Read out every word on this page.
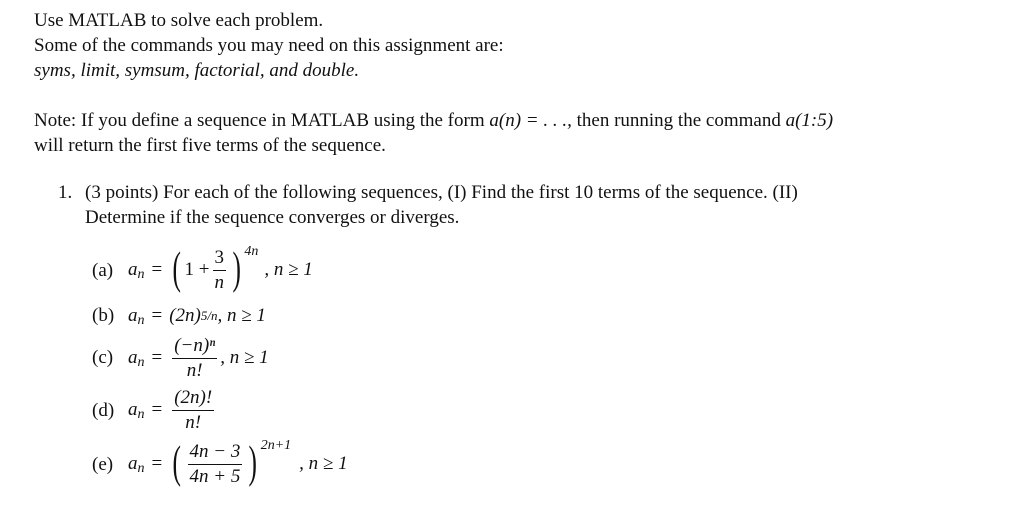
Use MATLAB to solve each problem.
Some of the commands you may need on this assignment are:
syms, limit, symsum, factorial, and double.
Note: If you define a sequence in MATLAB using the form a(n) = . . ., then running the command a(1:5)
will return the first five terms of the sequence.
1. (3 points) For each of the following sequences, (I) Find the first 10 terms of the sequence. (II)
Determine if the sequence converges or diverges.
(a) a n = ( $1 + \frac{3}{n}$ ) 4n
, n ≥ 1
(b) a n = (2n) 5/n , n ≥ 1
(c) a $n = \frac{\text{(−n)ⁿ}}{n!}$ , n ≥ 1
(d) a $n = \frac{(2n)!}{n!}$
(e) a n = ( $\frac{4n - 3}{4n + 5}$ ) 2n+1
, n ≥ 1
